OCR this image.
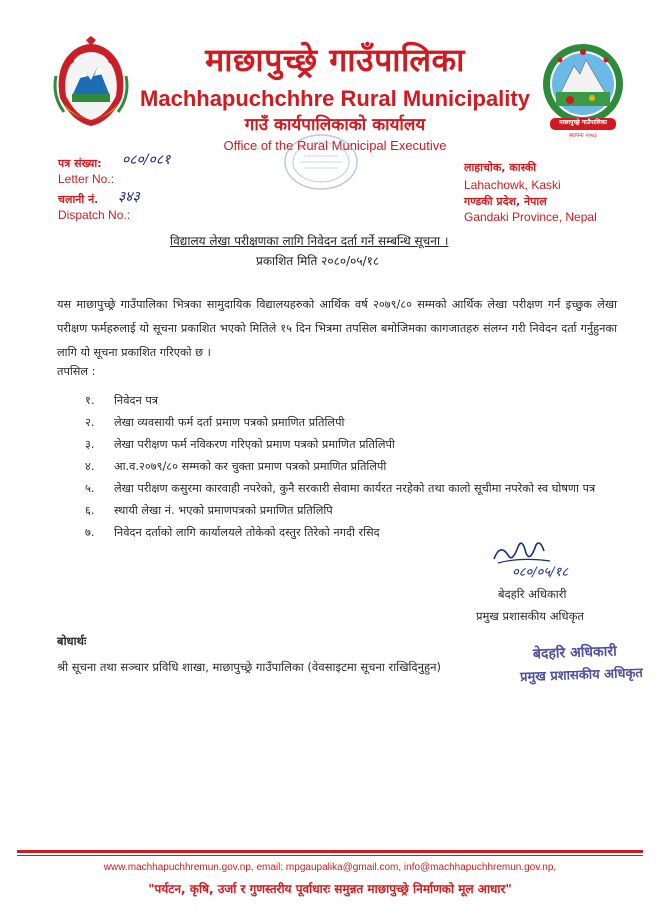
माछापुच्छ्रे गाउँपालिका
स्थापना २०७३
माछापुच्छ्रे गाउँपालिका
Machhapuchchhre Rural Municipality
गाउँ कार्यपालिकाको कार्यालय
Office of the Rural Municipal Executive
पत्र संख्या: ०८०/०८१
Letter No.:
चलानी नं. ३४३
Dispatch No.:
लाहाचोक, कास्की
Lahachowk, Kaski
गण्डकी प्रदेश, नेपाल
Gandaki Province, Nepal
विद्यालय लेखा परीक्षणका लागि निवेदन दर्ता गर्ने सम्बन्धि सूचना ।
प्रकाशित मिति २०८०/०५/१८
यस माछापुच्छ्रे गाउँपालिका भित्रका सामुदायिक विद्यालयहरुको आर्थिक वर्ष २०७९/८० सम्मको आर्थिक लेखा परीक्षण गर्न इच्छुक लेखा परीक्षण फर्महरुलाई यो सूचना प्रकाशित भएको मितिले १५ दिन भित्रमा तपसिल बमोजिमका कागजातहरु संलग्न गरी निवेदन दर्ता गर्नुहुनका लागि यो सूचना प्रकाशित गरिएको छ ।
तपसिल :
१. निवेदन पत्र
२. लेखा व्यवसायी फर्म दर्ता प्रमाण पत्रको प्रमाणित प्रतिलिपी
३. लेखा परीक्षण फर्म नविकरण गरिएको प्रमाण पत्रको प्रमाणित प्रतिलिपी
४. आ.व.२०७९/८० सम्मको कर चुक्ता प्रमाण पत्रको प्रमाणित प्रतिलिपी
५. लेखा परीक्षण कसुरमा कारवाही नपरेको, कुनै सरकारी सेवामा कार्यरत नरहेको तथा कालो सूचीमा नपरेको स्व घोषणा पत्र
६. स्थायी लेखा नं. भएको प्रमाणपत्रको प्रमाणित प्रतिलिपि
७. निवेदन दर्ताको लागि कार्यालयले तोकेको दस्तुर तिरेको नगदी रसिद
०८०/०५/१८
बेदहरि अधिकारी
प्रमुख प्रशासकीय अधिकृत
बोधार्थः
श्री सूचना तथा सञ्चार प्रविधि शाखा, माछापुच्छ्रे गाउँपालिका (वेवसाइटमा सूचना राखिदिनुहुन)
बेदहरि अधिकारी
प्रमुख प्रशासकीय अधिकृत
www.machhapuchhremun.gov.np, email: mpgaupalika@gmail.com, info@machhapuchhremun.gov.np,
"पर्यटन, कृषि, उर्जा र गुणस्तरीय पूर्वाधारः समुन्नत माछापुच्छ्रे निर्माणको मूल आधार"
